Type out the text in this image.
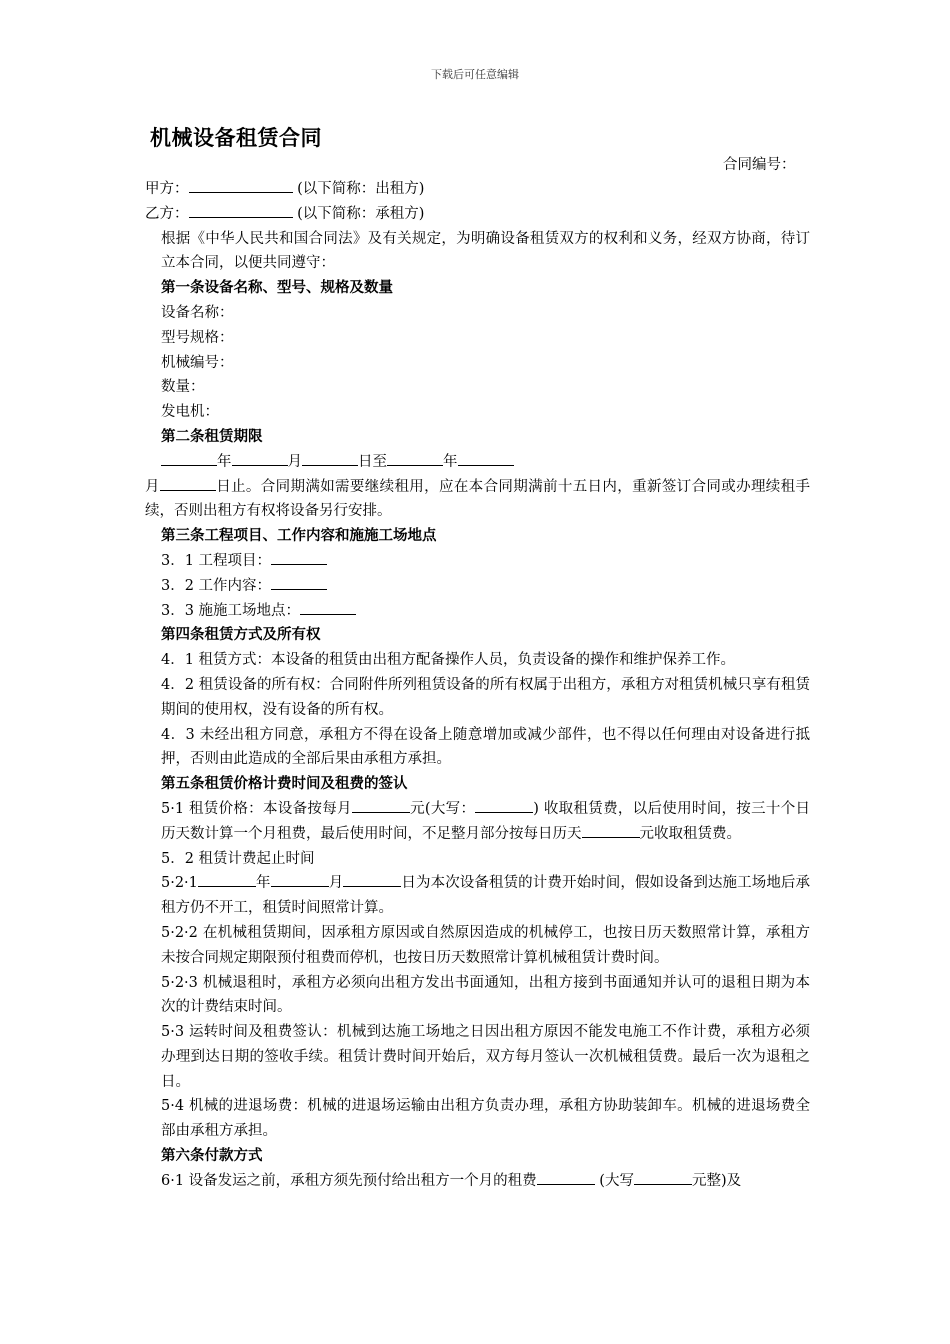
下载后可任意编辑
机械设备租赁合同
合同编号：

甲方：	(以下简称：出租方)

乙方：	(以下简称：承租方)

根据《中华人民共和国合同法》及有关规定，为明确设备租赁双方的权利和义务，经双方协商，待订立本合同，以便共同遵守：

第一条设备名称、型号、规格及数量

设备名称：

型号规格：

机械编号：

数量：

发电机：

第二条租赁期限

年	月	日至	年

月	日止。合同期满如需要继续租用，应在本合同期满前十五日内，重新签订合同或办理续租手续，否则出租方有权将设备另行安排。

第三条工程项目、工作内容和施施工场地点

3．1 工程项目：

3．2 工作内容：

3．3 施施工场地点：

第四条租赁方式及所有权

4．1 租赁方式：本设备的租赁由出租方配备操作人员，负责设备的操作和维护保养工作。

4．2 租赁设备的所有权：合同附件所列租赁设备的所有权属于出租方，承租方对租赁机械只享有租赁期间的使用权，没有设备的所有权。

4．3 未经出租方同意，承租方不得在设备上随意增加或减少部件，也不得以任何理由对设备进行抵押，否则由此造成的全部后果由承租方承担。

第五条租赁价格计费时间及租费的签认

5·1 租赁价格：本设备按每月	元(大写：	) 收取租赁费，以后使用时间，按三十个日历天数计算一个月租费，最后使用时间，不足整月部分按每日历天	元收取租赁费。

5．2 租赁计费起止时间

5·2·1	年	月	日为本次设备租赁的计费开始时间，假如设备到达施工场地后承租方仍不开工，租赁时间照常计算。

5·2·2 在机械租赁期间，因承租方原因或自然原因造成的机械停工，也按日历天数照常计算，承租方未按合同规定期限预付租费而停机，也按日历天数照常计算机械租赁计费时间。

5·2·3 机械退租时，承租方必须向出租方发出书面通知，出租方接到书面通知并认可的退租日期为本次的计费结束时间。

5·3 运转时间及租费签认：机械到达施工场地之日因出租方原因不能发电施工不作计费，承租方必须办理到达日期的签收手续。租赁计费时间开始后，双方每月签认一次机械租赁费。最后一次为退租之日。

5·4 机械的进退场费：机械的进退场运输由出租方负责办理，承租方协助装卸车。机械的进退场费全部由承租方承担。

第六条付款方式

6·1 设备发运之前，承租方须先预付给出租方一个月的租费	(大写	元整)及
